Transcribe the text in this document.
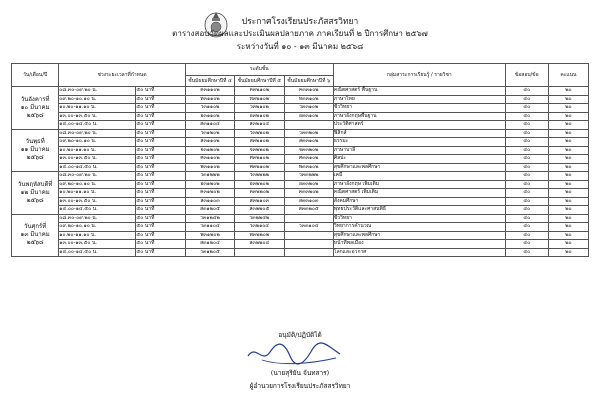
ประกาศโรงเรียนประภัสสรวิทยา
ตารางสอบวัดผลและประเมินผลปลายภาค ภาคเรียนที่ ๒ ปีการศึกษา ๒๕๖๗
ระหว่างวันที่ ๑๐ - ๑๓ มีนาคม ๒๕๖๘
วัน/เดือน/ปี	ช่วงระยะเวลาที่กำหนด		ระดับชั้น			กลุ่มสาระการเรียนรู้ / รายวิชา	ข้อสอบ/ข้อ	คะแนน
			ชั้นมัธยมศึกษาปีที่ ๔	ชั้นมัธยมศึกษาปีที่ ๕	ชั้นมัธยมศึกษาปีที่ ๖			

วันอังคารที่
๑๐ มีนาคม
๒๕๖๘	๐๘.๓๐-๐๙.๒๐ น.	๕๐ นาที	ค๓๑๑๐๒	ค๓๒๑๐๒	ค๓๓๑๐๒	คณิตศาสตร์ พื้นฐาน	๔๐	๒๐
	๐๙.๒๐-๑๐.๑๐ น.	๕๐ นาที	ท๓๑๑๐๒	ท๓๒๑๐๒	ท๓๓๑๐๒	ภาษาไทย	๔๐	๒๐
	๑๐.๒๐-๑๑.๑๐ น.	๕๐ นาที	ว๓๑๑๐๒	ว๓๒๑๐๒	ว๓๓๑๐๒	ชีววิทยา	๔๐	๒๐
	๑๓.๐๐-๑๓.๕๐ น.	๕๐ นาที	อ๓๑๑๐๒	อ๓๒๑๐๒	อ๓๓๑๐๒	ภาษาอังกฤษพื้นฐาน	๔๐	๒๐
	๑๔.๐๐-๑๔.๕๐ น.	๕๐ นาที	ส๓๑๑๐๔	ส๓๒๑๐๔		ประวัติศาสตร์	๔๐	๒๐

วันพุธที่
๑๑ มีนาคม
๒๕๖๘	๐๘.๓๐-๐๙.๒๐ น.	๕๐ นาที	ว๓๑๒๐๒	ว๓๒๒๐๒	ว๓๓๒๐๒	ฟิสิกส์	๔๐	๒๐
	๐๙.๒๐-๑๐.๑๐ น.	๕๐ นาที	ส๓๑๑๐๒	ส๓๒๑๐๒	ส๓๓๑๐๒	ธรรมะ	๔๐	๒๐
	๑๐.๒๐-๑๑.๑๐ น.	๕๐ นาที	จ๓๑๒๐๒	จ๓๒๒๐๒	จ๓๓๒๐๒	ภาษาบาลี	๔๐	๒๐
	๑๓.๐๐-๑๓.๕๐ น.	๕๐ นาที	ศ๓๑๑๐๒	ศ๓๒๑๐๒	ศ๓๓๑๐๒	ศิลปะ	๔๐	๒๐
	๑๔.๐๐-๑๔.๕๐ น.	๕๐ นาที	พ๓๑๑๐๒	พ๓๒๑๐๒	พ๓๓๑๐๒	สุขศึกษาและพลศึกษา	๔๐	๒๐

วันพฤหัสบดีที่
๑๒ มีนาคม
๒๕๖๘	๐๘.๓๐-๐๙.๒๐ น.	๕๐ นาที	ว๓๑๒๒๒	ว๓๒๒๒๒	ว๓๓๒๒๒	เคมี	๔๐	๒๐
	๐๙.๒๐-๑๐.๑๐ น.	๕๐ นาที	อ๓๑๒๐๒	อ๓๒๒๐๒	อ๓๓๒๐๒	ภาษาอังกฤษ เพิ่มเติม	๔๐	๒๐
	๑๐.๒๐-๑๑.๑๐ น.	๕๐ นาที	ค๓๑๒๐๒	ค๓๒๒๐๒	ค๓๓๒๐๒	คณิตศาสตร์ เพิ่มเติม	๔๐	๒๐
	๑๓.๐๐-๑๓.๕๐ น.	๕๐ นาที	ส๓๑๑๐๓	ส๓๒๑๐๓	ส๓๓๑๐๓	สังคมศึกษา	๔๐	๒๐
	๑๔.๐๐-๑๔.๕๐ น.	๕๐ นาที	ส๓๑๒๐๕	ส๓๒๒๐๕	ส๓๓๒๐๕	พุทธประวัติและศาสนพิธี	๔๐	๒๐

วันศุกร์ที่
๑๓ มีนาคม
๒๕๖๘	๐๘.๓๐-๐๙.๒๐ น.	๕๐ นาที	ว๓๑๒๔๒	ว๓๒๒๔๒		ชีววิทยา	๔๐	๒๐
	๐๙.๒๐-๑๐.๑๐ น.	๕๐ นาที	ว๓๑๑๐๔	ว๓๒๑๐๔	ว๓๓๑๐๔	วิทยาการคำนวณ	๔๐	๒๐
	๑๐.๒๐-๑๑.๑๐ น.	๕๐ นาที	พ๓๑๒๐๒	พ๓๒๒๐๒		สุขศึกษาและพลศึกษา	๔๐	๒๐
	๑๓.๐๐-๑๓.๕๐ น.	๕๐ นาที	ส๓๑๒๐๔	ส๓๒๒๐๔		หน้าที่พลเมือง	๔๐	๒๐
	๑๔.๐๐-๑๔.๕๐ น.	๕๐ นาที	ว๓๑๒๐๕			โลกและอวกาศ	๔๐	๒๐
อนุมัติ/ปฏิบัติได้
(นายสุริยัน จันทสาร)
ผู้อำนวยการโรงเรียนประภัสสรวิทยา
